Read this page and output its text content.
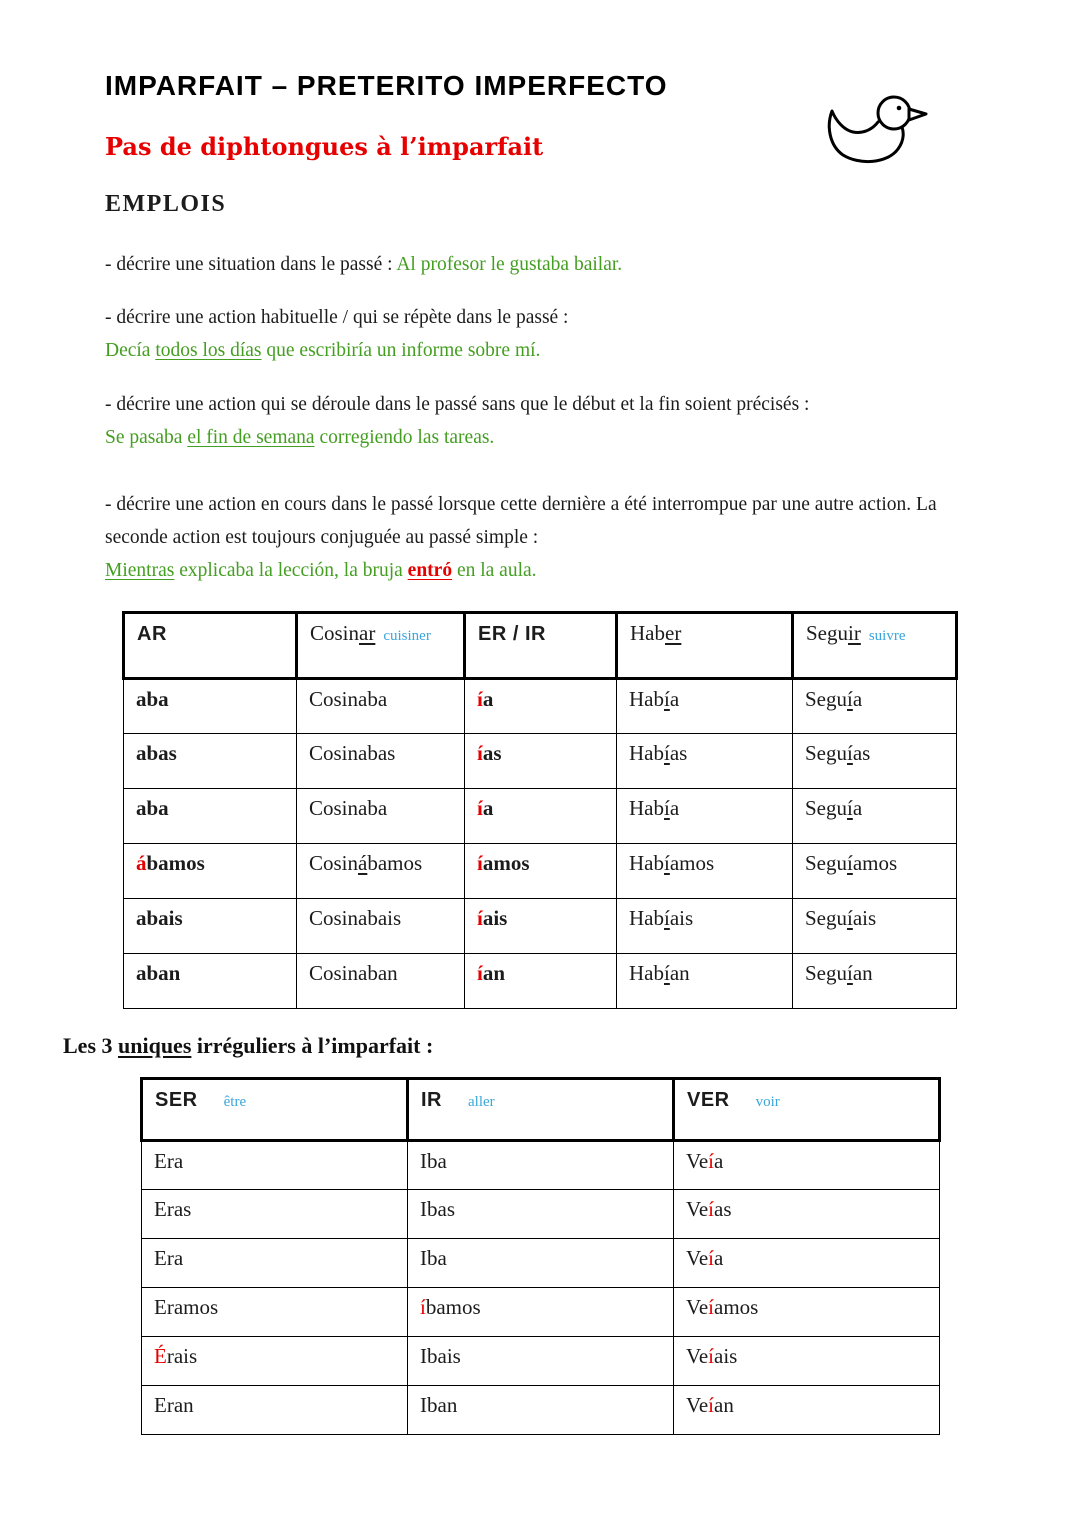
IMPARFAIT – PRETERITO IMPERFECTO
Pas de diphtongues à l’imparfait
EMPLOIS
- décrire une situation dans le passé : Al profesor le gustaba bailar.
- décrire une action habituelle / qui se répète dans le passé :
Decía todos los días que escribiría un informe sobre mí.
- décrire une action qui se déroule dans le passé sans que le début et la fin soient précisés :
Se pasaba el fin de semana corregiendo las tareas.
- décrire une action en cours dans le passé lorsque cette dernière a été interrompue par une autre action. La seconde action est toujours conjuguée au passé simple :
Mientras explicaba la lección, la bruja entró en la aula.
AR	Cosinar cuisiner	ER / IR	Haber	Seguir suivre
aba	Cosinaba	ía	Había	Seguía
abas	Cosinabas	ías	Habías	Seguías
aba	Cosinaba	ía	Había	Seguía
ábamos	Cosinábamos	íamos	Habíamos	Seguíamos
abais	Cosinabais	íais	Habíais	Seguíais
aban	Cosinaban	ían	Habían	Seguían
Les 3 uniques irréguliers à l’imparfait :
SER être	IR aller	VER voir
Era	Iba	Veía
Eras	Ibas	Veías
Era	Iba	Veía
Eramos	íbamos	Veíamos
Érais	Ibais	Veíais
Eran	Iban	Veían
